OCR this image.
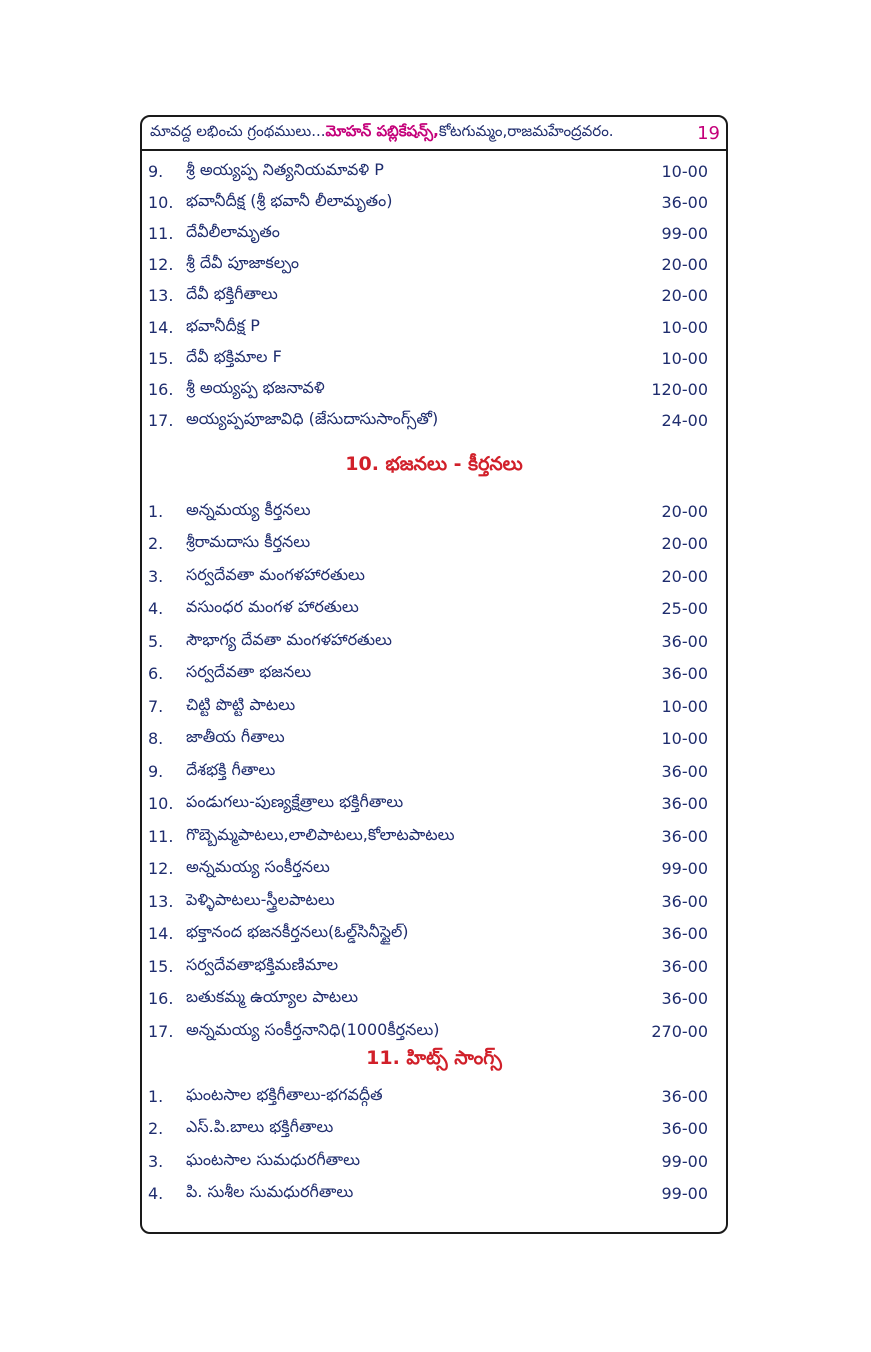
మావద్ద లభించు గ్రంథములు... మోహన్ పబ్లికేషన్స్, కోటగుమ్మం,రాజమహేంద్రవరం.	19
9.	శ్రీ అయ్యప్ప నిత్యనియమావళి P	10-00
10. భవానీదీక్ష (శ్రీ భవానీ లీలామృతం)	36-00
11. దేవీలీలామృతం	99-00
12. శ్రీ దేవీ పూజాకల్పం	20-00
13. దేవీ భక్తిగీతాలు	20-00
14. భవానీదీక్ష P	10-00
15. దేవీ భక్తిమాల F	10-00
16. శ్రీ అయ్యప్ప భజనావళి	120-00
17. అయ్యప్పపూజావిధి (జేసుదాసుసాంగ్స్‌తో)	24-00
10. భజనలు - కీర్తనలు
1.	అన్నమయ్య కీర్తనలు	20-00
2.	శ్రీరామదాసు కీర్తనలు	20-00
3.	సర్వదేవతా మంగళహారతులు	20-00
4.	వసుంధర మంగళ హారతులు	25-00
5.	సౌభాగ్య దేవతా మంగళహారతులు	36-00
6.	సర్వదేవతా భజనలు	36-00
7.	చిట్టి పొట్టి పాటలు	10-00
8.	జాతీయ గీతాలు	10-00
9.	దేశభక్తి గీతాలు	36-00
10. పండుగలు-పుణ్యక్షేత్రాలు భక్తిగీతాలు	36-00
11. గొబ్బెమ్మపాటలు,లాలిపాటలు,కోలాటపాటలు	36-00
12. అన్నమయ్య సంకీర్తనలు	99-00
13. పెళ్ళిపాటలు-స్త్రీలపాటలు	36-00
14. భక్తానంద భజనకీర్తనలు(ఓల్డ్‌సినీస్టైల్)	36-00
15. సర్వదేవతాభక్తిమణిమాల	36-00
16. బతుకమ్మ ఉయ్యాల పాటలు	36-00
17. అన్నమయ్య సంకీర్తనానిధి(1000కీర్తనలు)	270-00
11. హిట్స్ సాంగ్స్
1.	ఘంటసాల భక్తిగీతాలు-భగవద్గీత	36-00
2.	ఎస్.పి.బాలు భక్తిగీతాలు	36-00
3.	ఘంటసాల సుమధురగీతాలు	99-00
4.	పి. సుశీల సుమధురగీతాలు	99-00
